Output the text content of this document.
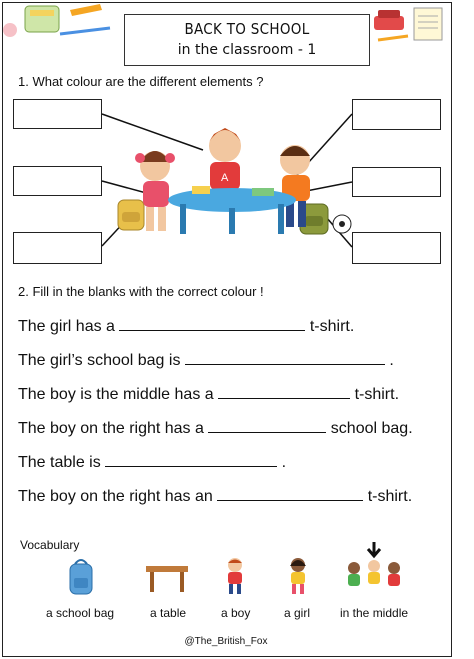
BACK TO SCHOOL
in the classroom - 1
1. What colour are the different elements ?
A
2. Fill in the blanks with the correct colour !
The girl has a	t-shirt.
The girl’s school bag is	.
The boy is the middle has a	t-shirt.
The boy on the right has a	school bag.
The table is	.
The boy on the right has an	t-shirt.
Vocabulary
a school bag	a table	a boy	a girl in the middle
@The_British_Fox
